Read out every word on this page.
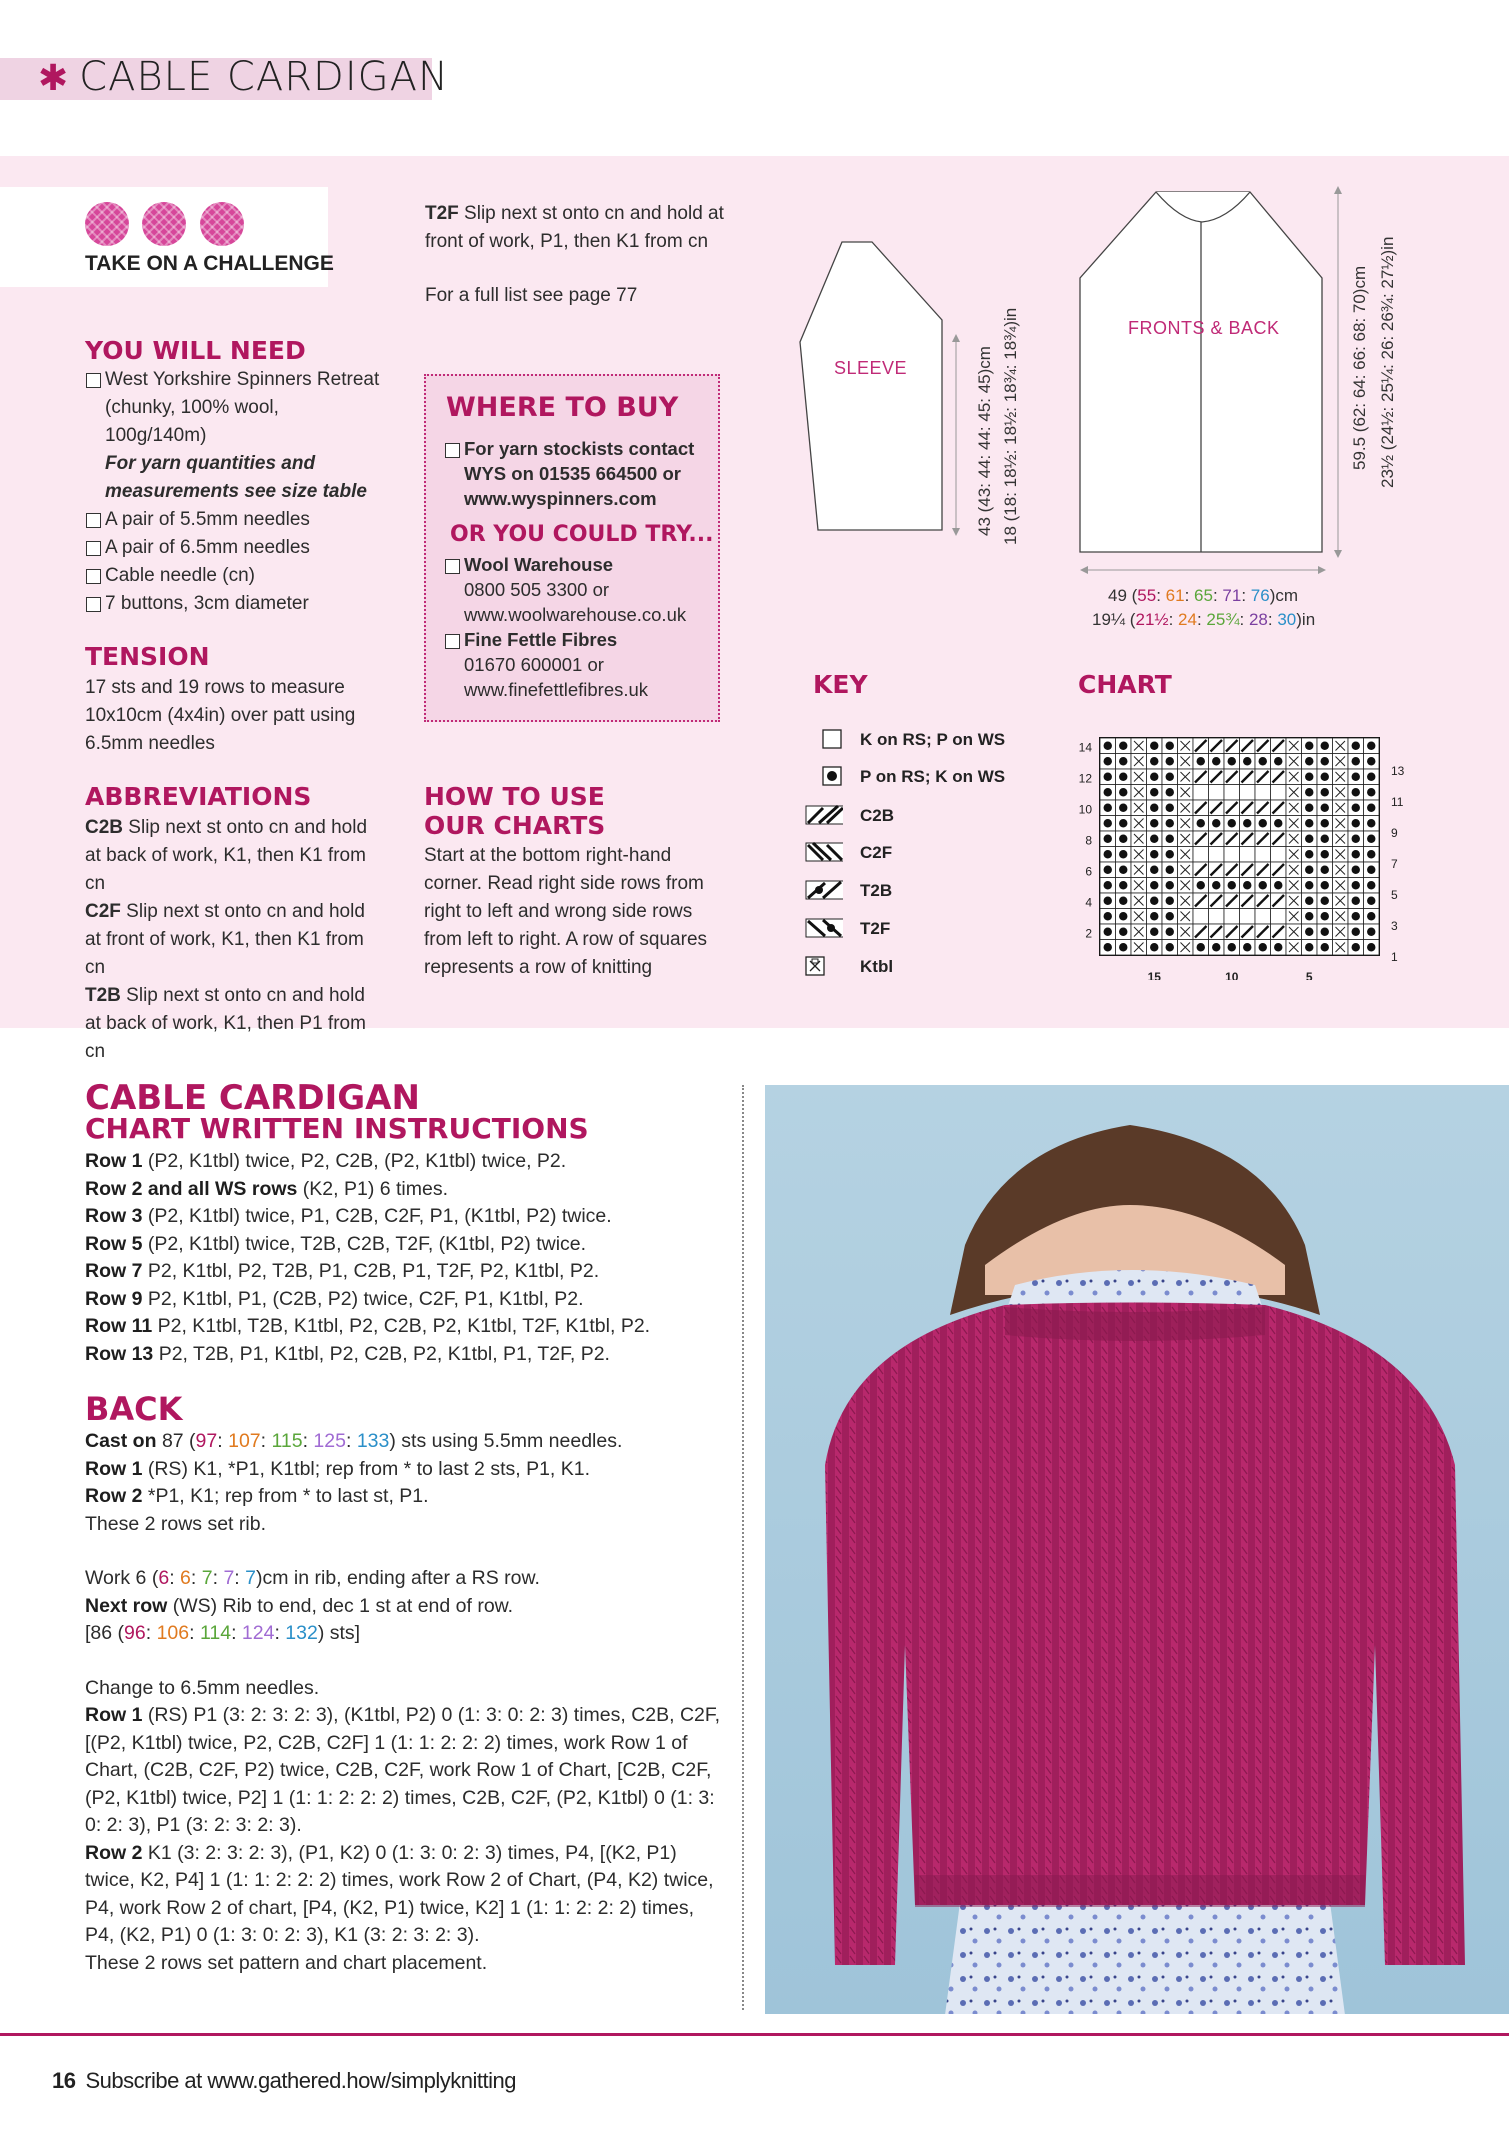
✱ CABLE CARDIGAN
TAKE ON A CHALLENGE
YOU WILL NEED
West Yorkshire Spinners Retreat (chunky, 100% wool, 100g/140m)
For yarn quantities and measurements see size table
A pair of 5.5mm needles
A pair of 6.5mm needles
Cable needle (cn)
7 buttons, 3cm diameter
TENSION
17 sts and 19 rows to measure 10x10cm (4x4in) over patt using 6.5mm needles
ABBREVIATIONS
C2B Slip next st onto cn and hold at back of work, K1, then K1 from cn
C2F Slip next st onto cn and hold at front of work, K1, then K1 from cn
T2B Slip next st onto cn and hold at back of work, K1, then P1 from cn
T2F Slip next st onto cn and hold at front of work, P1, then K1 from cn
For a full list see page 77
WHERE TO BUY
For yarn stockists contact WYS on 01535 664500 or www.wyspinners.com
OR YOU COULD TRY...
Wool Warehouse
0800 505 3300 or www.woolwarehouse.co.uk
Fine Fettle Fibres
01670 600001 or www.finefettlefibres.uk
HOW TO USE
OUR CHARTS
Start at the bottom right-hand corner. Read right side rows from right to left and wrong side rows from left to right. A row of squares represents a row of knitting
SLEEVE
FRONTS & BACK
43 (43: 44: 44: 45: 45)cm 18 (18: 18½: 18½: 18¾: 18¾)in	59.5 (62: 64: 66: 68: 70)cm 23½ (24½: 25¼: 26: 26¾: 27½)in
49 (55: 61: 65: 71: 76)cm
19¼ (21½: 24: 25¾: 28: 30)in
KEY
K on RS; P on WS
P on RS; K on WS
C2B
C2F
T2B
T2F
Ktbl
CHART
14
12
10
8
6
4
2
13
11
9
7
5
3
1
15	10	5
CABLE CARDIGAN
CHART WRITTEN INSTRUCTIONS
Row 1 (P2, K1tbl) twice, P2, C2B, (P2, K1tbl) twice, P2.
Row 2 and all WS rows (K2, P1) 6 times.
Row 3 (P2, K1tbl) twice, P1, C2B, C2F, P1, (K1tbl, P2) twice.
Row 5 (P2, K1tbl) twice, T2B, C2B, T2F, (K1tbl, P2) twice.
Row 7 P2, K1tbl, P2, T2B, P1, C2B, P1, T2F, P2, K1tbl, P2.
Row 9 P2, K1tbl, P1, (C2B, P2) twice, C2F, P1, K1tbl, P2.
Row 11 P2, K1tbl, T2B, K1tbl, P2, C2B, P2, K1tbl, T2F, K1tbl, P2.
Row 13 P2, T2B, P1, K1tbl, P2, C2B, P2, K1tbl, P1, T2F, P2.
BACK
Cast on 87 (97: 107: 115: 125: 133) sts using 5.5mm needles.
Row 1 (RS) K1, *P1, K1tbl; rep from * to last 2 sts, P1, K1.
Row 2 *P1, K1; rep from * to last st, P1.
These 2 rows set rib.
Work 6 (6: 6: 7: 7: 7)cm in rib, ending after a RS row.
Next row (WS) Rib to end, dec 1 st at end of row.
[86 (96: 106: 114: 124: 132) sts]
Change to 6.5mm needles.
Row 1 (RS) P1 (3: 2: 3: 2: 3), (K1tbl, P2) 0 (1: 3: 0: 2: 3) times, C2B, C2F, [(P2, K1tbl) twice, P2, C2B, C2F] 1 (1: 1: 2: 2: 2) times, work Row 1 of Chart, (C2B, C2F, P2) twice, C2B, C2F, work Row 1 of Chart, [C2B, C2F, (P2, K1tbl) twice, P2] 1 (1: 1: 2: 2: 2) times, C2B, C2F, (P2, K1tbl) 0 (1: 3: 0: 2: 3), P1 (3: 2: 3: 2: 3).
Row 2 K1 (3: 2: 3: 2: 3), (P1, K2) 0 (1: 3: 0: 2: 3) times, P4, [(K2, P1) twice, K2, P4] 1 (1: 1: 2: 2: 2) times, work Row 2 of Chart, (P4, K2) twice, P4, work Row 2 of chart, [P4, (K2, P1) twice, K2] 1 (1: 1: 2: 2: 2) times, P4, (K2, P1) 0 (1: 3: 0: 2: 3), K1 (3: 2: 3: 2: 3).
These 2 rows set pattern and chart placement.
16 Subscribe at www.gathered.how/simplyknitting
